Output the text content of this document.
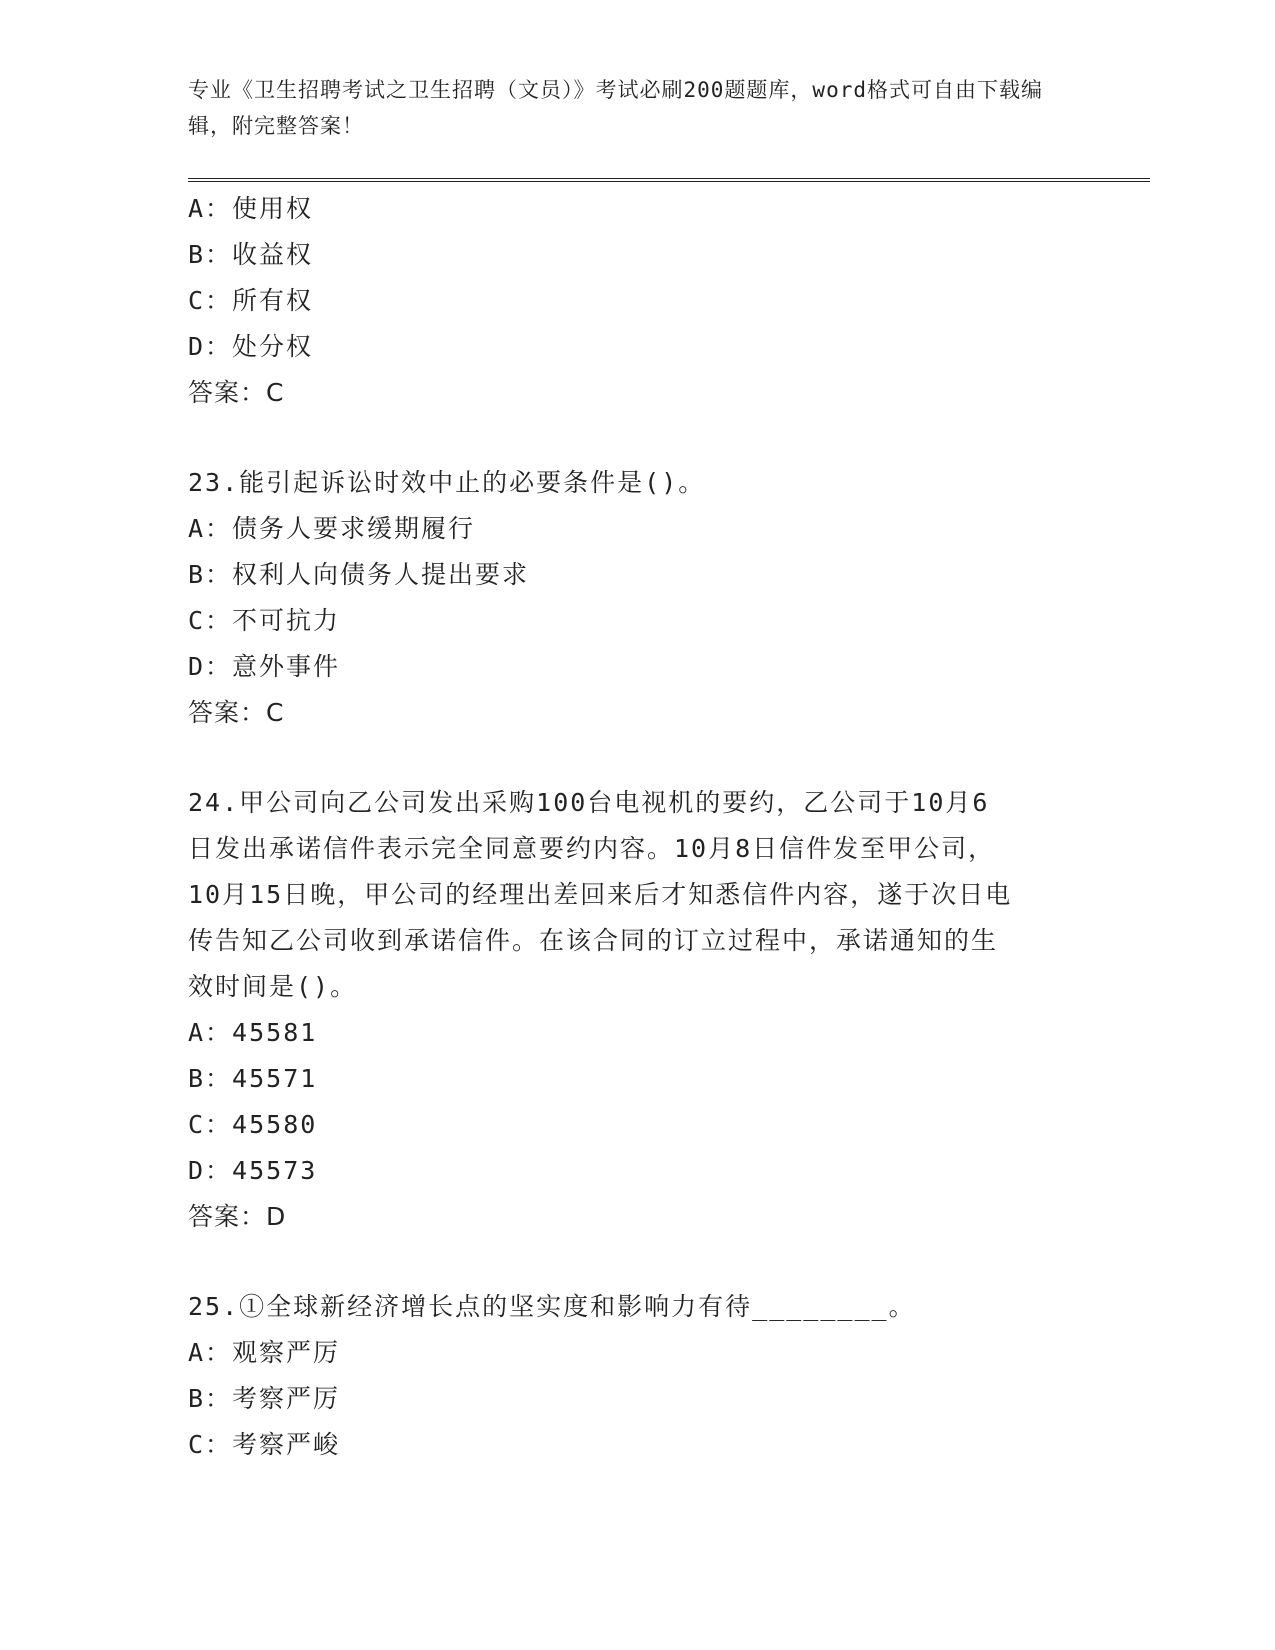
专业《卫生招聘考试之卫生招聘（文员）》考试必刷200题题库，word格式可自由下载编辑，附完整答案！
A：使用权
B：收益权
C：所有权
D：处分权
答案：C
23.能引起诉讼时效中止的必要条件是()。
A：债务人要求缓期履行
B：权利人向债务人提出要求
C：不可抗力
D：意外事件
答案：C
24.甲公司向乙公司发出采购100台电视机的要约，乙公司于10月6
日发出承诺信件表示完全同意要约内容。10月8日信件发至甲公司，
10月15日晚，甲公司的经理出差回来后才知悉信件内容，遂于次日电
传告知乙公司收到承诺信件。在该合同的订立过程中，承诺通知的生
效时间是()。
A：45581
B：45571
C：45580
D：45573
答案：D
25.①全球新经济增长点的坚实度和影响力有待________。
A：观察严厉
B：考察严厉
C：考察严峻
